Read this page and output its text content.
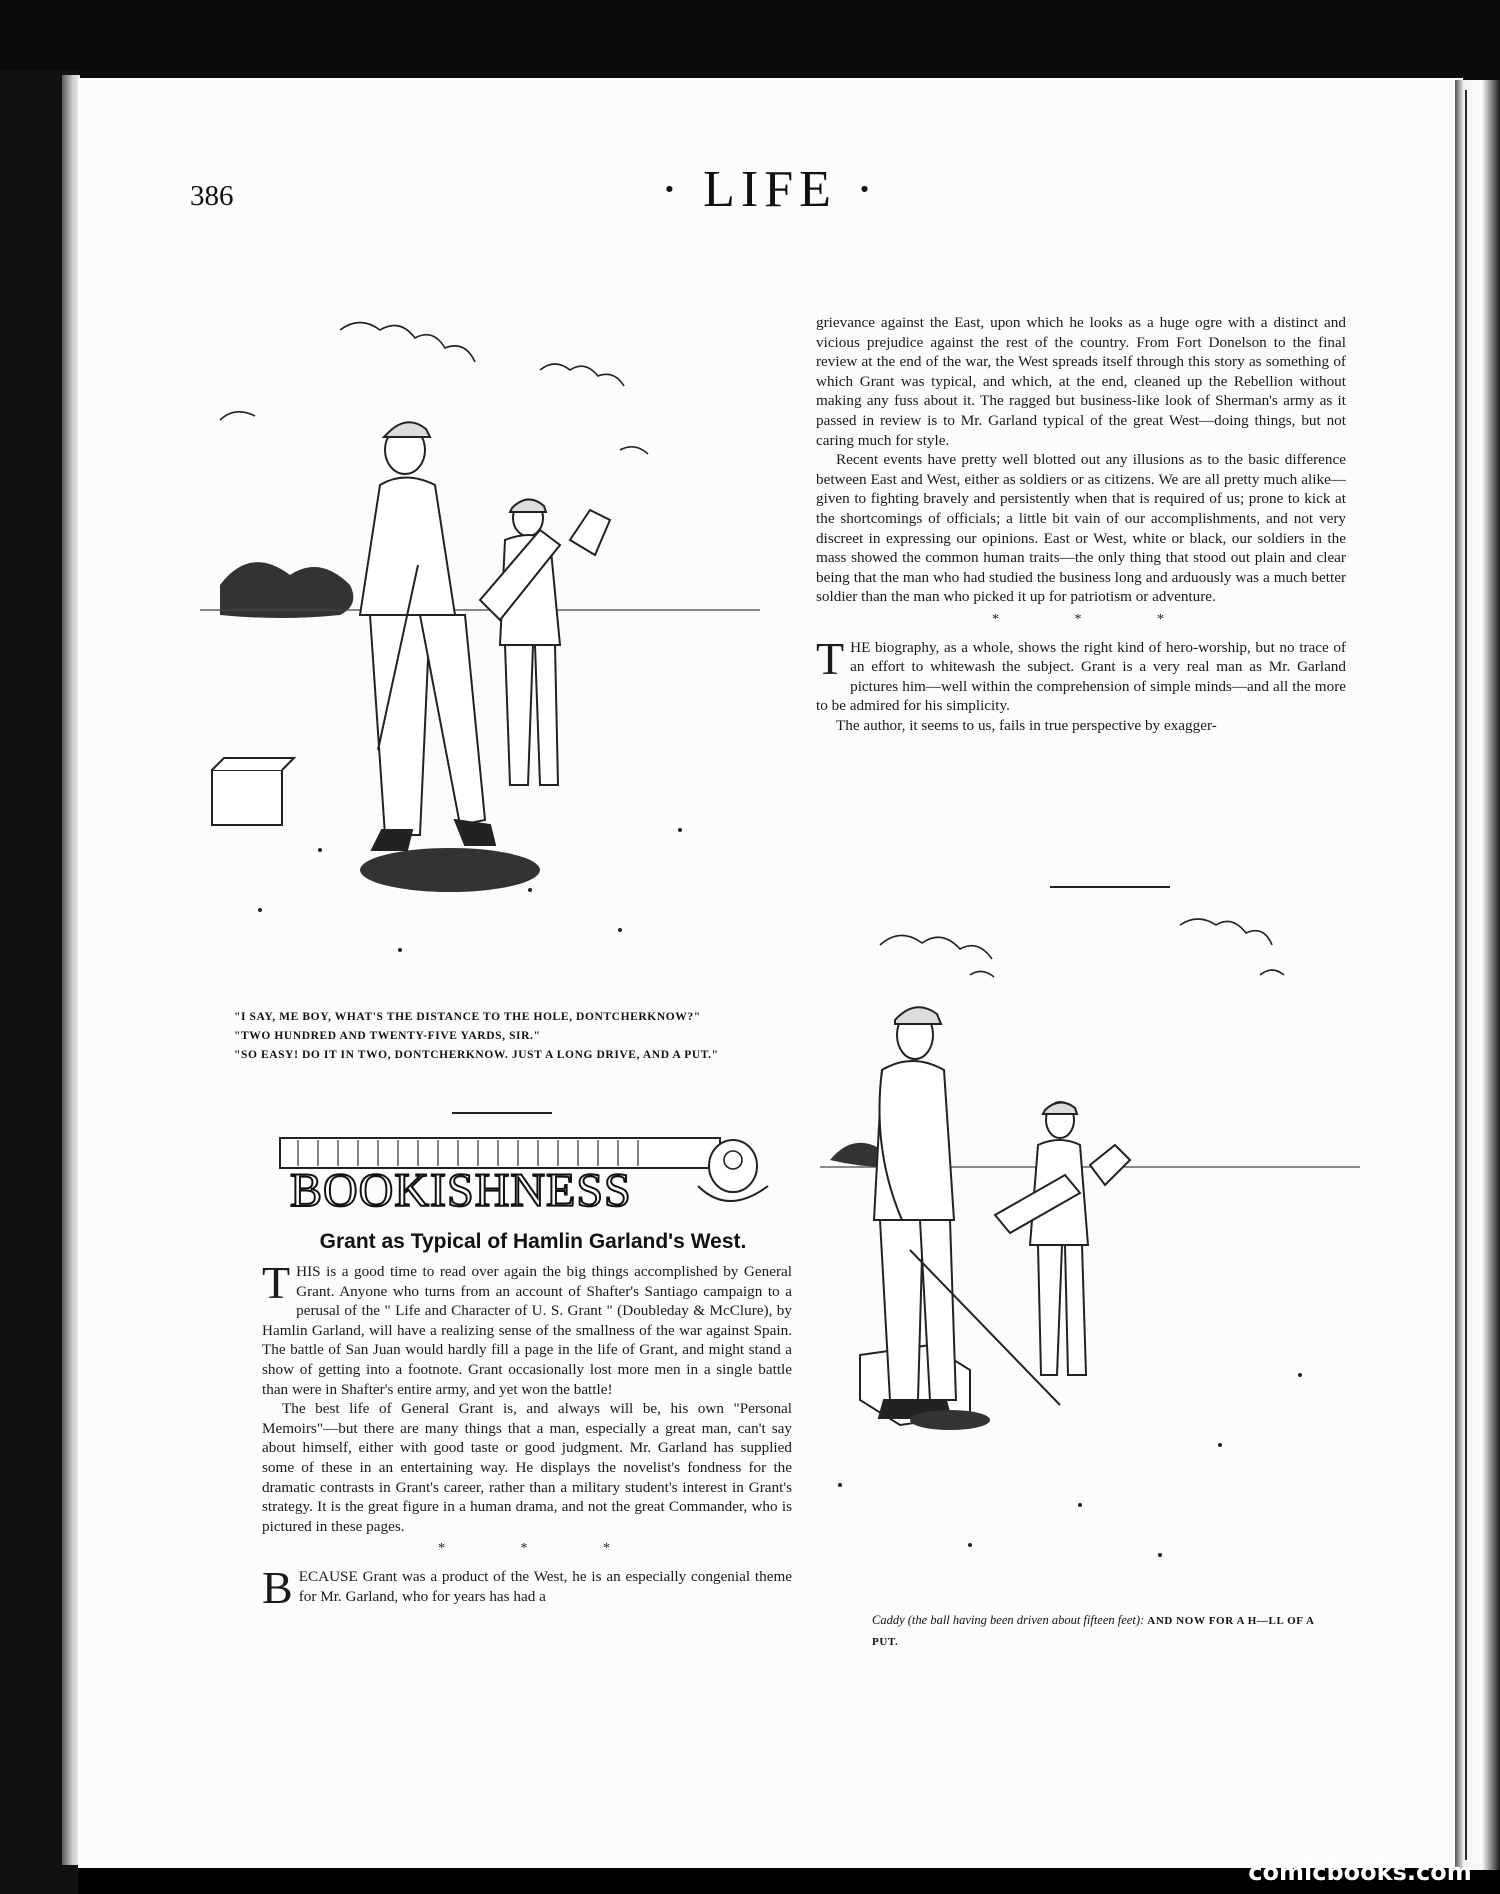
386	· LIFE ·
"I SAY, ME BOY, WHAT'S THE DISTANCE TO THE HOLE, DONTCHERKNOW?"
"TWO HUNDRED AND TWENTY-FIVE YARDS, SIR."
"SO EASY! DO IT IN TWO, DONTCHERKNOW. JUST A LONG DRIVE, AND A PUT."
BOOKISHNESS
Grant as Typical of Hamlin Garland's West.

THIS is a good time to read over again the big things accomplished by General Grant. Anyone who turns from an account of Shafter's Santiago campaign to a perusal of the " Life and Character of U. S. Grant " (Doubleday & McClure), by Hamlin Garland, will have a realizing sense of the smallness of the war against Spain. The battle of San Juan would hardly fill a page in the life of Grant, and might stand a show of getting into a footnote. Grant occasionally lost more men in a single battle than were in Shafter's entire army, and yet won the battle!

The best life of General Grant is, and always will be, his own "Personal Memoirs"—but there are many things that a man, especially a great man, can't say about himself, either with good taste or good judgment. Mr. Garland has supplied some of these in an entertaining way. He displays the novelist's fondness for the dramatic contrasts in Grant's career, rather than a military student's interest in Grant's strategy. It is the great figure in a human drama, and not the great Commander, who is pictured in these pages.

* * *

BECAUSE Grant was a product of the West, he is an especially congenial theme for Mr. Garland, who for years has had a

grievance against the East, upon which he looks as a huge ogre with a distinct and vicious prejudice against the rest of the country. From Fort Donelson to the final review at the end of the war, the West spreads itself through this story as something of which Grant was typical, and which, at the end, cleaned up the Rebellion without making any fuss about it. The ragged but business-like look of Sherman's army as it passed in review is to Mr. Garland typical of the great West—doing things, but not caring much for style.

Recent events have pretty well blotted out any illusions as to the basic difference between East and West, either as soldiers or as citizens. We are all pretty much alike—given to fighting bravely and persistently when that is required of us; prone to kick at the shortcomings of officials; a little bit vain of our accomplishments, and not very discreet in expressing our opinions. East or West, white or black, our soldiers in the mass showed the common human traits—the only thing that stood out plain and clear being that the man who had studied the business long and arduously was a much better soldier than the man who picked it up for patriotism or adventure.

* * *

THE biography, as a whole, shows the right kind of hero-worship, but no trace of an effort to whitewash the subject. Grant is a very real man as Mr. Garland pictures him—well within the comprehension of simple minds—and all the more to be admired for his simplicity.

The author, it seems to us, fails in true perspective by exagger-

Caddy (the ball having been driven about fifteen feet): AND NOW FOR A H—LL OF A PUT.
comicbooks.com
